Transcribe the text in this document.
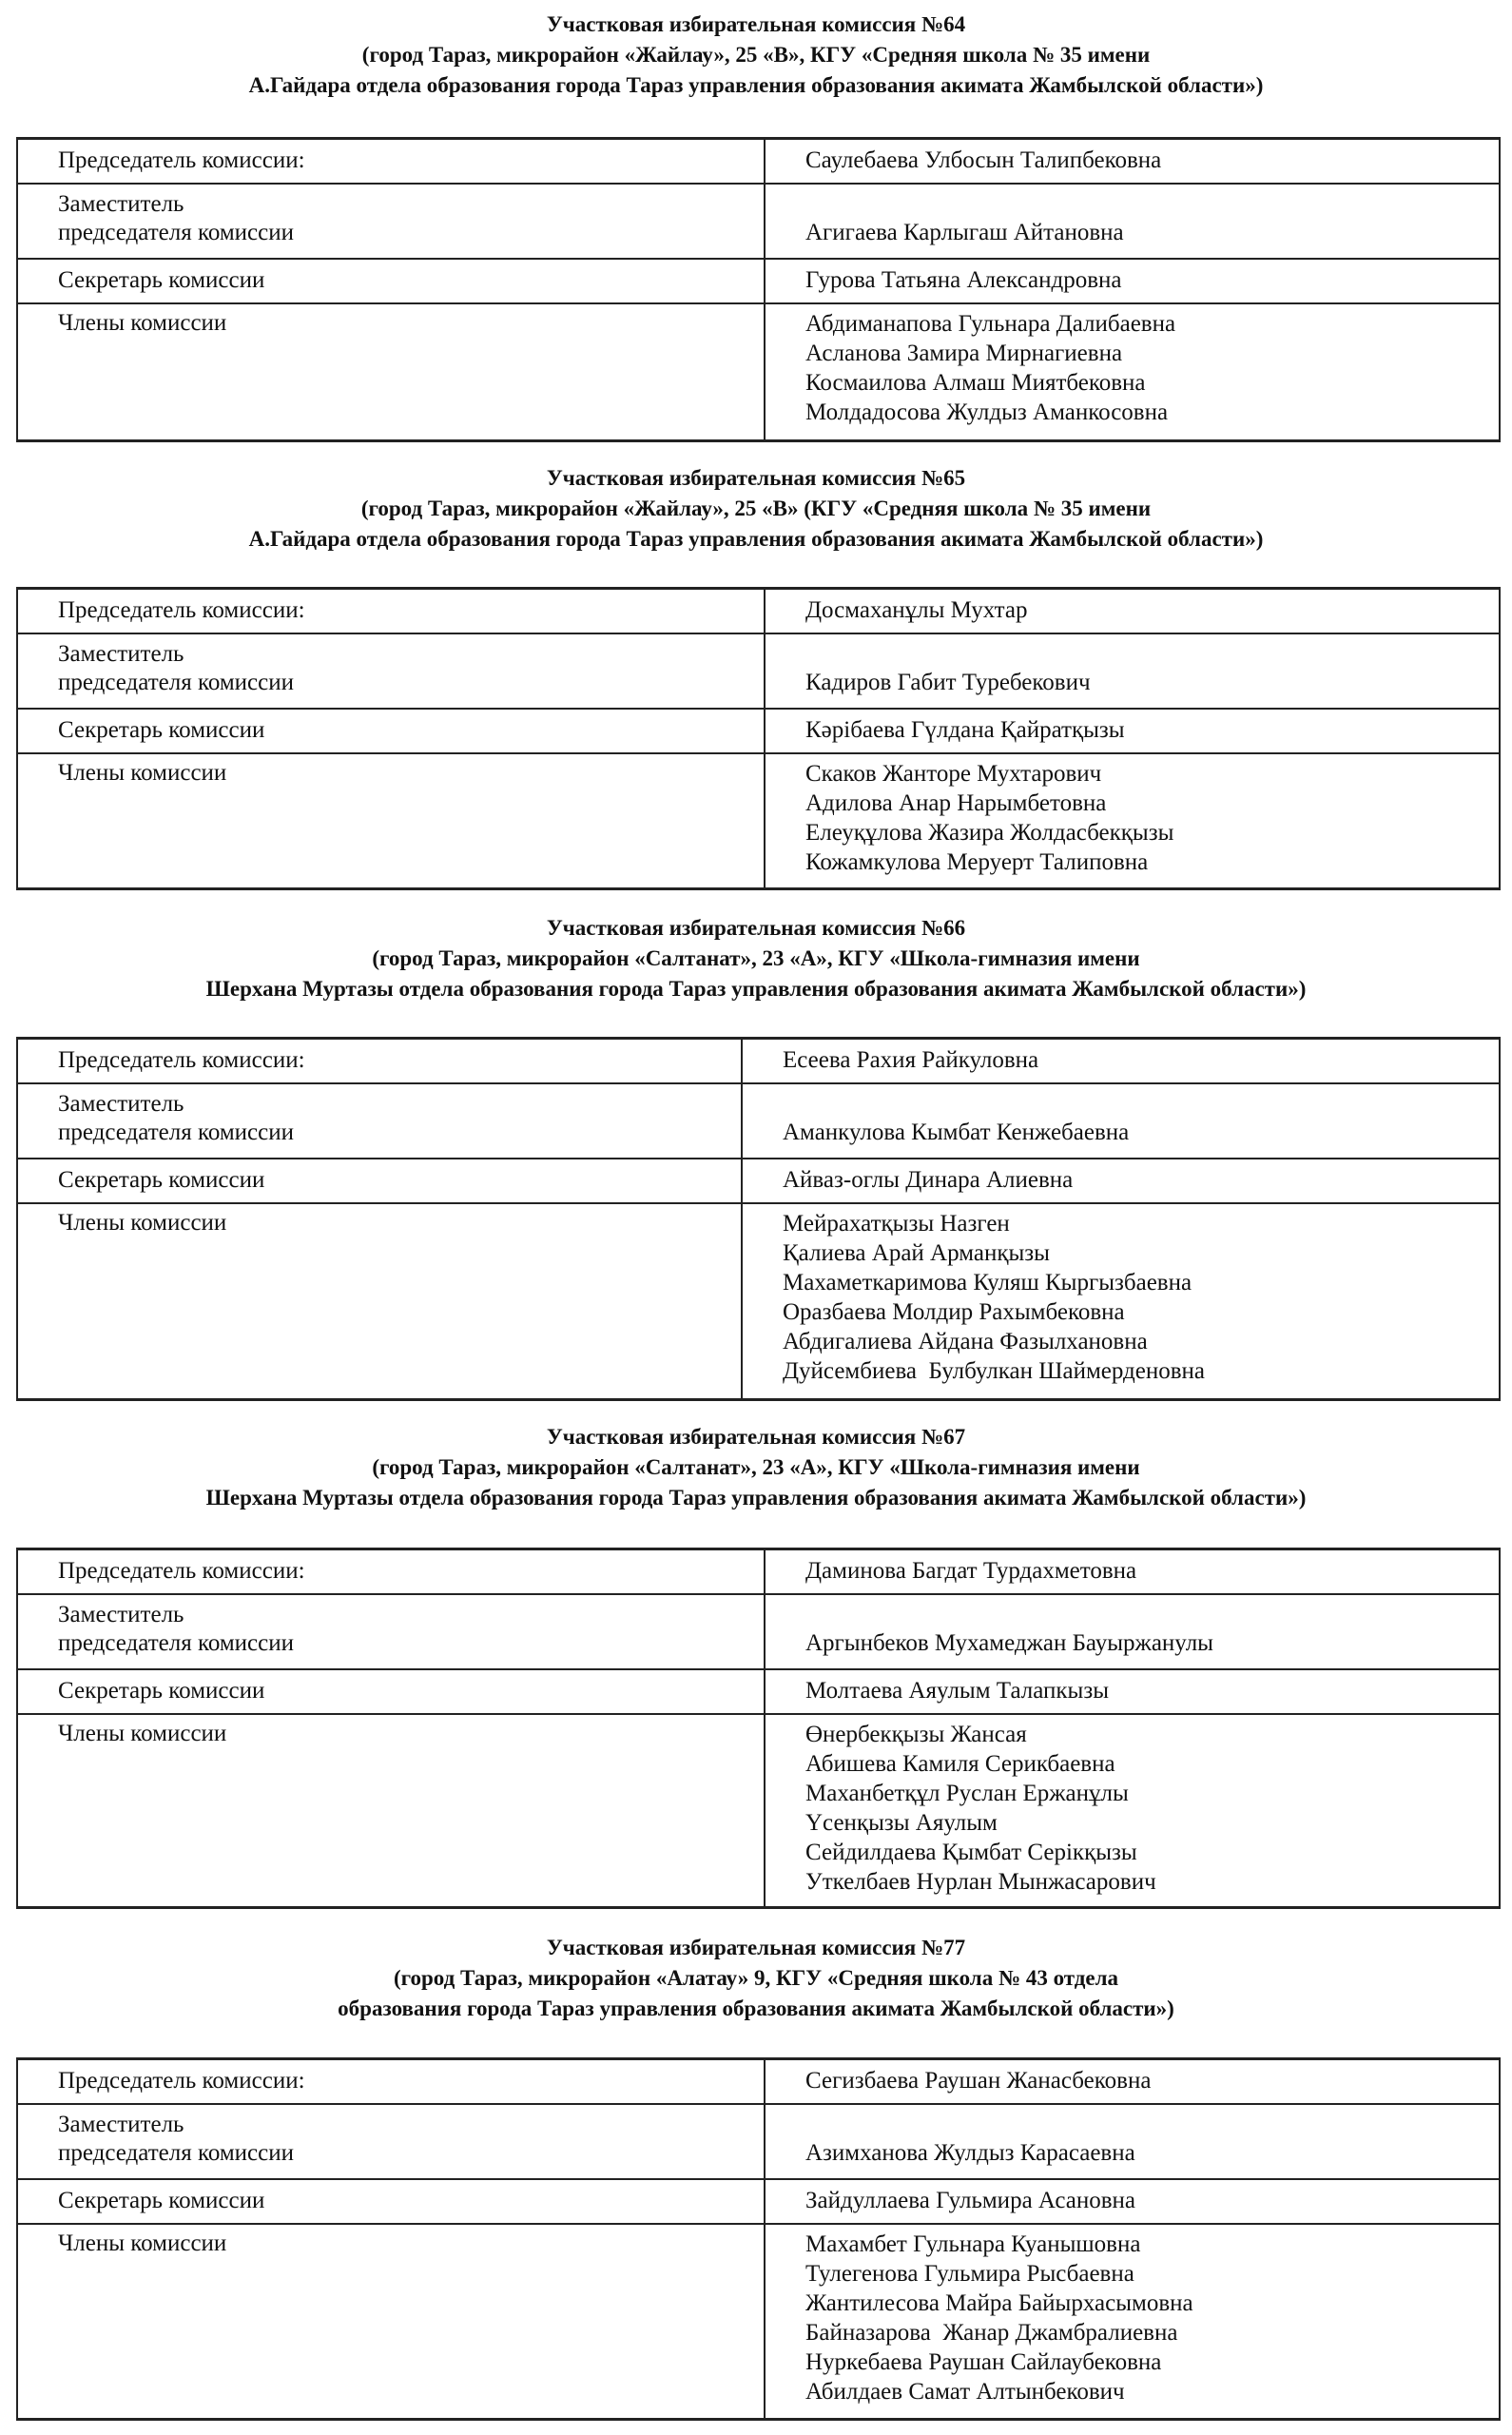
Участковая избирательная комиссия №64
(город Тараз, микрорайон «Жайлау», 25 «В», КГУ «Средняя школа № 35 имени
А.Гайдара отдела образования города Тараз управления образования акимата Жамбылской области»)
Председатель комиссии:	Саулебаева Улбосын Талипбековна
Заместитель
председателя комиссии	Агигаева Карлыгаш Айтановна
Секретарь комиссии	Гурова Татьяна Александровна
Члены комиссии	Абдиманапова Гульнара Далибаевна
Асланова Замира Мирнагиевна
Космаилова Алмаш Миятбековна
Молдадосова Жулдыз Аманкосовна
Участковая избирательная комиссия №65
(город Тараз, микрорайон «Жайлау», 25 «В» (КГУ «Средняя школа № 35 имени
А.Гайдара отдела образования города Тараз управления образования акимата Жамбылской области»)
Председатель комиссии:	Досмаханұлы Мухтар
Заместитель
председателя комиссии	Кадиров Габит Туребекович
Секретарь комиссии	Кәрібаева Гүлдана Қайратқызы
Члены комиссии	Скаков Жанторе Мухтарович
Адилова Анар Нарымбетовна
Елеуқұлова Жазира Жолдасбекқызы
Кожамкулова Меруерт Талиповна
Участковая избирательная комиссия №66
(город Тараз, микрорайон «Салтанат», 23 «А», КГУ «Школа-гимназия имени
Шерхана Муртазы отдела образования города Тараз управления образования акимата Жамбылской области»)
Председатель комиссии:	Есеева Рахия Райкуловна
Заместитель
председателя комиссии	Аманкулова Кымбат Кенжебаевна
Секретарь комиссии	Айваз-оглы Динара Алиевна
Члены комиссии	Мейрахатқызы Назген
Қалиева Арай Арманқызы
Махаметкаримова Куляш Кыргызбаевна
Оразбаева Молдир Рахымбековна
Абдигалиева Айдана Фазылхановна
Дуйсембиева  Булбулкан Шаймерденовна
Участковая избирательная комиссия №67
(город Тараз, микрорайон «Салтанат», 23 «А», КГУ «Школа-гимназия имени
Шерхана Муртазы отдела образования города Тараз управления образования акимата Жамбылской области»)
Председатель комиссии:	Даминова Багдат Турдахметовна
Заместитель
председателя комиссии	Аргынбеков Мухамеджан Бауыржанулы
Секретарь комиссии	Молтаева Аяулым Талапкызы
Члены комиссии	Өнербекқызы Жансая
Абишева Камиля Серикбаевна
Маханбетқұл Руслан Ержанұлы
Үсенқызы Аяулым
Сейдилдаева Қымбат Серікқызы
Уткелбаев Нурлан Мынжасарович
Участковая избирательная комиссия №77
(город Тараз, микрорайон «Алатау» 9, КГУ «Средняя школа № 43 отдела
образования города Тараз управления образования акимата Жамбылской области»)
Председатель комиссии:	Сегизбаева Раушан Жанасбековна
Заместитель
председателя комиссии	Азимханова Жулдыз Карасаевна
Секретарь комиссии	Зайдуллаева Гульмира Асановна
Члены комиссии	Махамбет Гульнара Куанышовна
Тулегенова Гульмира Рысбаевна
Жантилесова Майра Байырхасымовна
Байназарова  Жанар Джамбралиевна
Нуркебаева Раушан Сайлаубековна
Абилдаев Самат Алтынбекович
